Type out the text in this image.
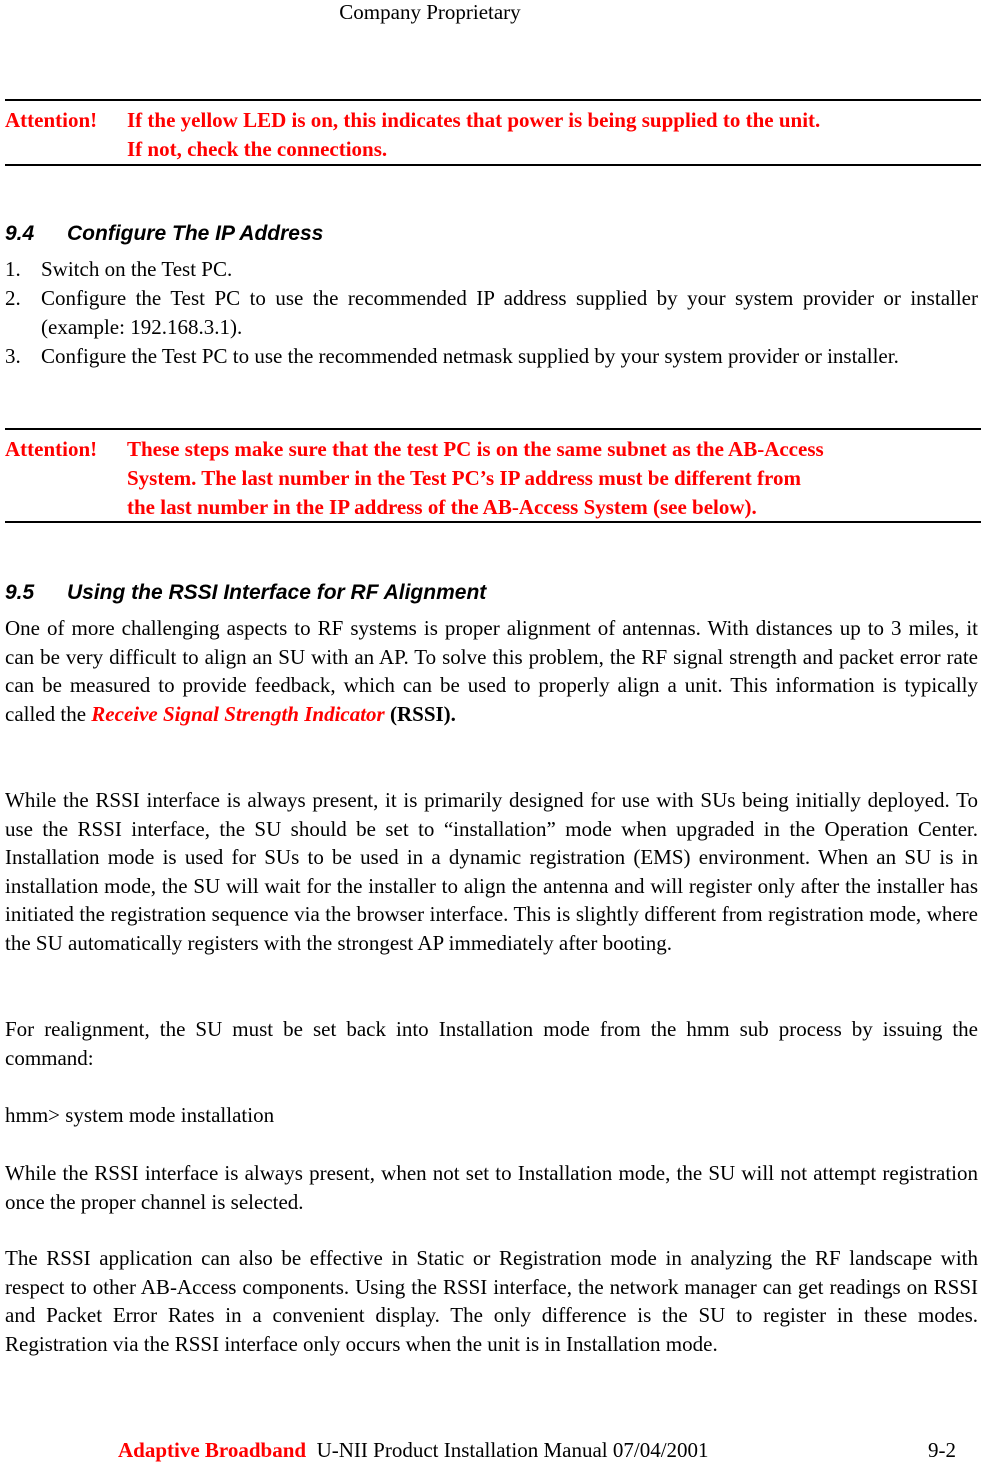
Company Proprietary
Attention! If the yellow LED is on, this indicates that power is being supplied to the unit.
If not, check the connections.
9.4 Configure The IP Address
1. Switch on the Test PC.
2. Configure the Test PC to use the recommended IP address supplied by your system provider or installer (example: 192.168.3.1).
3. Configure the Test PC to use the recommended netmask supplied by your system provider or installer.
Attention! These steps make sure that the test PC is on the same subnet as the AB-Access
System. The last number in the Test PC’s IP address must be different from
the last number in the IP address of the AB-Access System (see below).
9.5 Using the RSSI Interface for RF Alignment
One of more challenging aspects to RF systems is proper alignment of antennas. With distances up to 3 miles, it can be very difficult to align an SU with an AP. To solve this problem, the RF signal strength and packet error rate can be measured to provide feedback, which can be used to properly align a unit. This information is typically called the Receive Signal Strength Indicator (RSSI).
While the RSSI interface is always present, it is primarily designed for use with SUs being initially deployed. To use the RSSI interface, the SU should be set to “installation” mode when upgraded in the Operation Center. Installation mode is used for SUs to be used in a dynamic registration (EMS) environment. When an SU is in installation mode, the SU will wait for the installer to align the antenna and will register only after the installer has initiated the registration sequence via the browser interface. This is slightly different from registration mode, where the SU automatically registers with the strongest AP immediately after booting.
For realignment, the SU must be set back into Installation mode from the hmm sub process by issuing the command:
hmm> system mode installation
While the RSSI interface is always present, when not set to Installation mode, the SU will not attempt registration once the proper channel is selected.
The RSSI application can also be effective in Static or Registration mode in analyzing the RF landscape with respect to other AB-Access components. Using the RSSI interface, the network manager can get readings on RSSI and Packet Error Rates in a convenient display. The only difference is the SU to register in these modes. Registration via the RSSI interface only occurs when the unit is in Installation mode.
Adaptive Broadband U-NII Product Installation Manual 07/04/2001	9-2
